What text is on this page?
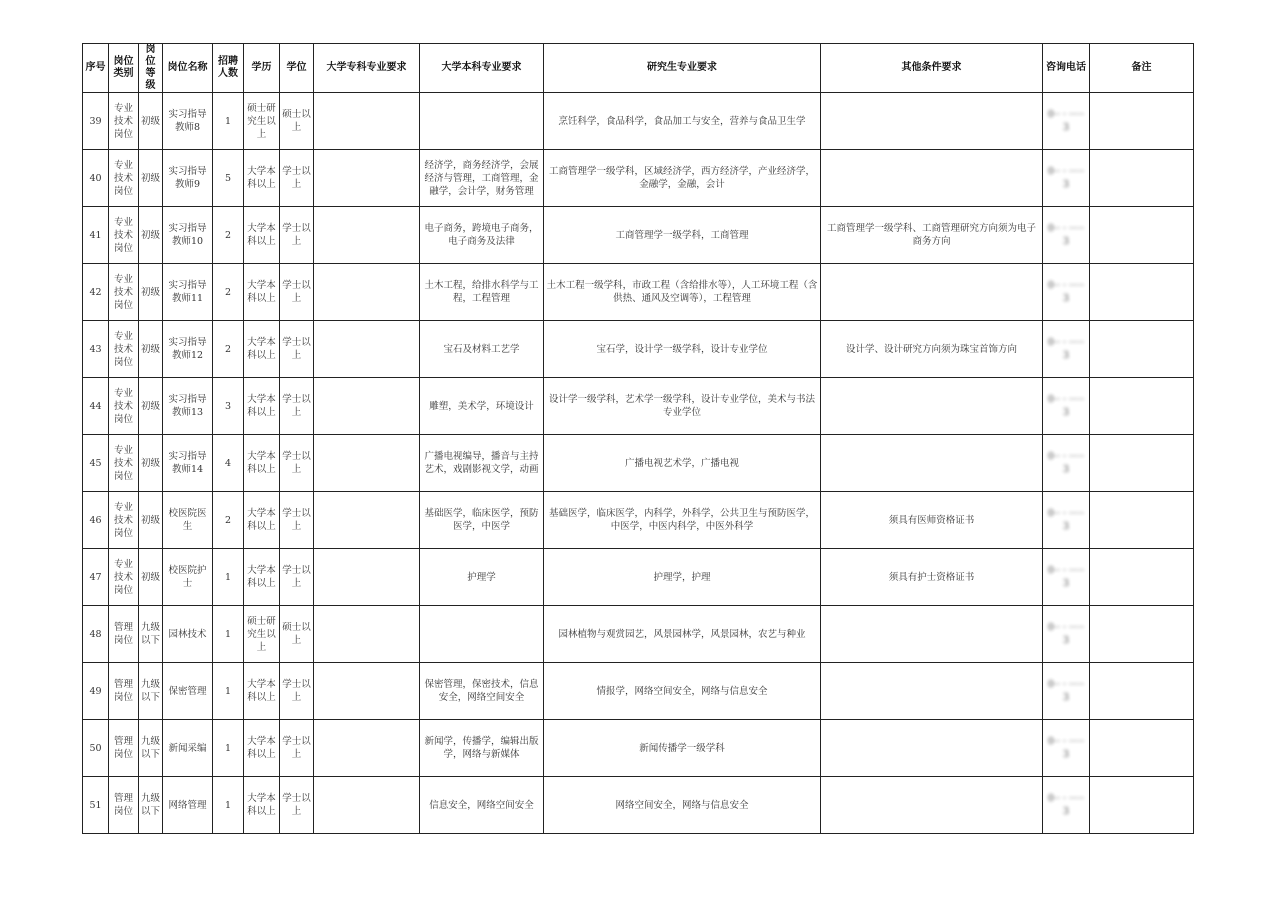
序号	岗位类别	岗位等级	岗位名称	招聘人数	学历	学位	大学专科专业要求	大学本科专业要求	研究生专业要求	其他条件要求	咨询电话	备注
39	专业技术岗位	初级	实习指导教师8	1	硕士研究生以上	硕士以上			烹饪科学，食品科学，食品加工与安全，营养与食品卫生学		0·· · ·····3	
40	专业技术岗位	初级	实习指导教师9	5	大学本科以上	学士以上		经济学，商务经济学，会展经济与管理，工商管理，金融学，会计学，财务管理	工商管理学一级学科，区域经济学，西方经济学，产业经济学，金融学，金融，会计		0·· · ·····3	
41	专业技术岗位	初级	实习指导教师10	2	大学本科以上	学士以上		电子商务，跨境电子商务，电子商务及法律	工商管理学一级学科，工商管理	工商管理学一级学科、工商管理研究方向须为电子商务方向	0·· · ·····3	
42	专业技术岗位	初级	实习指导教师11	2	大学本科以上	学士以上		土木工程，给排水科学与工程，工程管理	土木工程一级学科，市政工程（含给排水等），人工环境工程（含供热、通风及空调等），工程管理		0·· · ·····3	
43	专业技术岗位	初级	实习指导教师12	2	大学本科以上	学士以上		宝石及材料工艺学	宝石学，设计学一级学科，设计专业学位	设计学、设计研究方向须为珠宝首饰方向	0·· · ·····3	
44	专业技术岗位	初级	实习指导教师13	3	大学本科以上	学士以上		雕塑，美术学，环境设计	设计学一级学科，艺术学一级学科，设计专业学位，美术与书法专业学位		0·· · ·····3	
45	专业技术岗位	初级	实习指导教师14	4	大学本科以上	学士以上		广播电视编导，播音与主持艺术，戏剧影视文学，动画	广播电视艺术学，广播电视		0·· · ·····3	
46	专业技术岗位	初级	校医院医生	2	大学本科以上	学士以上		基础医学，临床医学，预防医学，中医学	基础医学，临床医学，内科学，外科学，公共卫生与预防医学，中医学，中医内科学，中医外科学	须具有医师资格证书	0·· · ·····3	
47	专业技术岗位	初级	校医院护士	1	大学本科以上	学士以上		护理学	护理学，护理	须具有护士资格证书	0·· · ·····3	
48	管理岗位	九级以下	园林技术	1	硕士研究生以上	硕士以上			园林植物与观赏园艺，风景园林学，风景园林，农艺与种业		0·· · ·····3	
49	管理岗位	九级以下	保密管理	1	大学本科以上	学士以上		保密管理，保密技术，信息安全，网络空间安全	情报学，网络空间安全，网络与信息安全		0·· · ·····3	
50	管理岗位	九级以下	新闻采编	1	大学本科以上	学士以上		新闻学，传播学，编辑出版学，网络与新媒体	新闻传播学一级学科		0·· · ·····3	
51	管理岗位	九级以下	网络管理	1	大学本科以上	学士以上		信息安全，网络空间安全	网络空间安全，网络与信息安全		0·· · ·····3	
